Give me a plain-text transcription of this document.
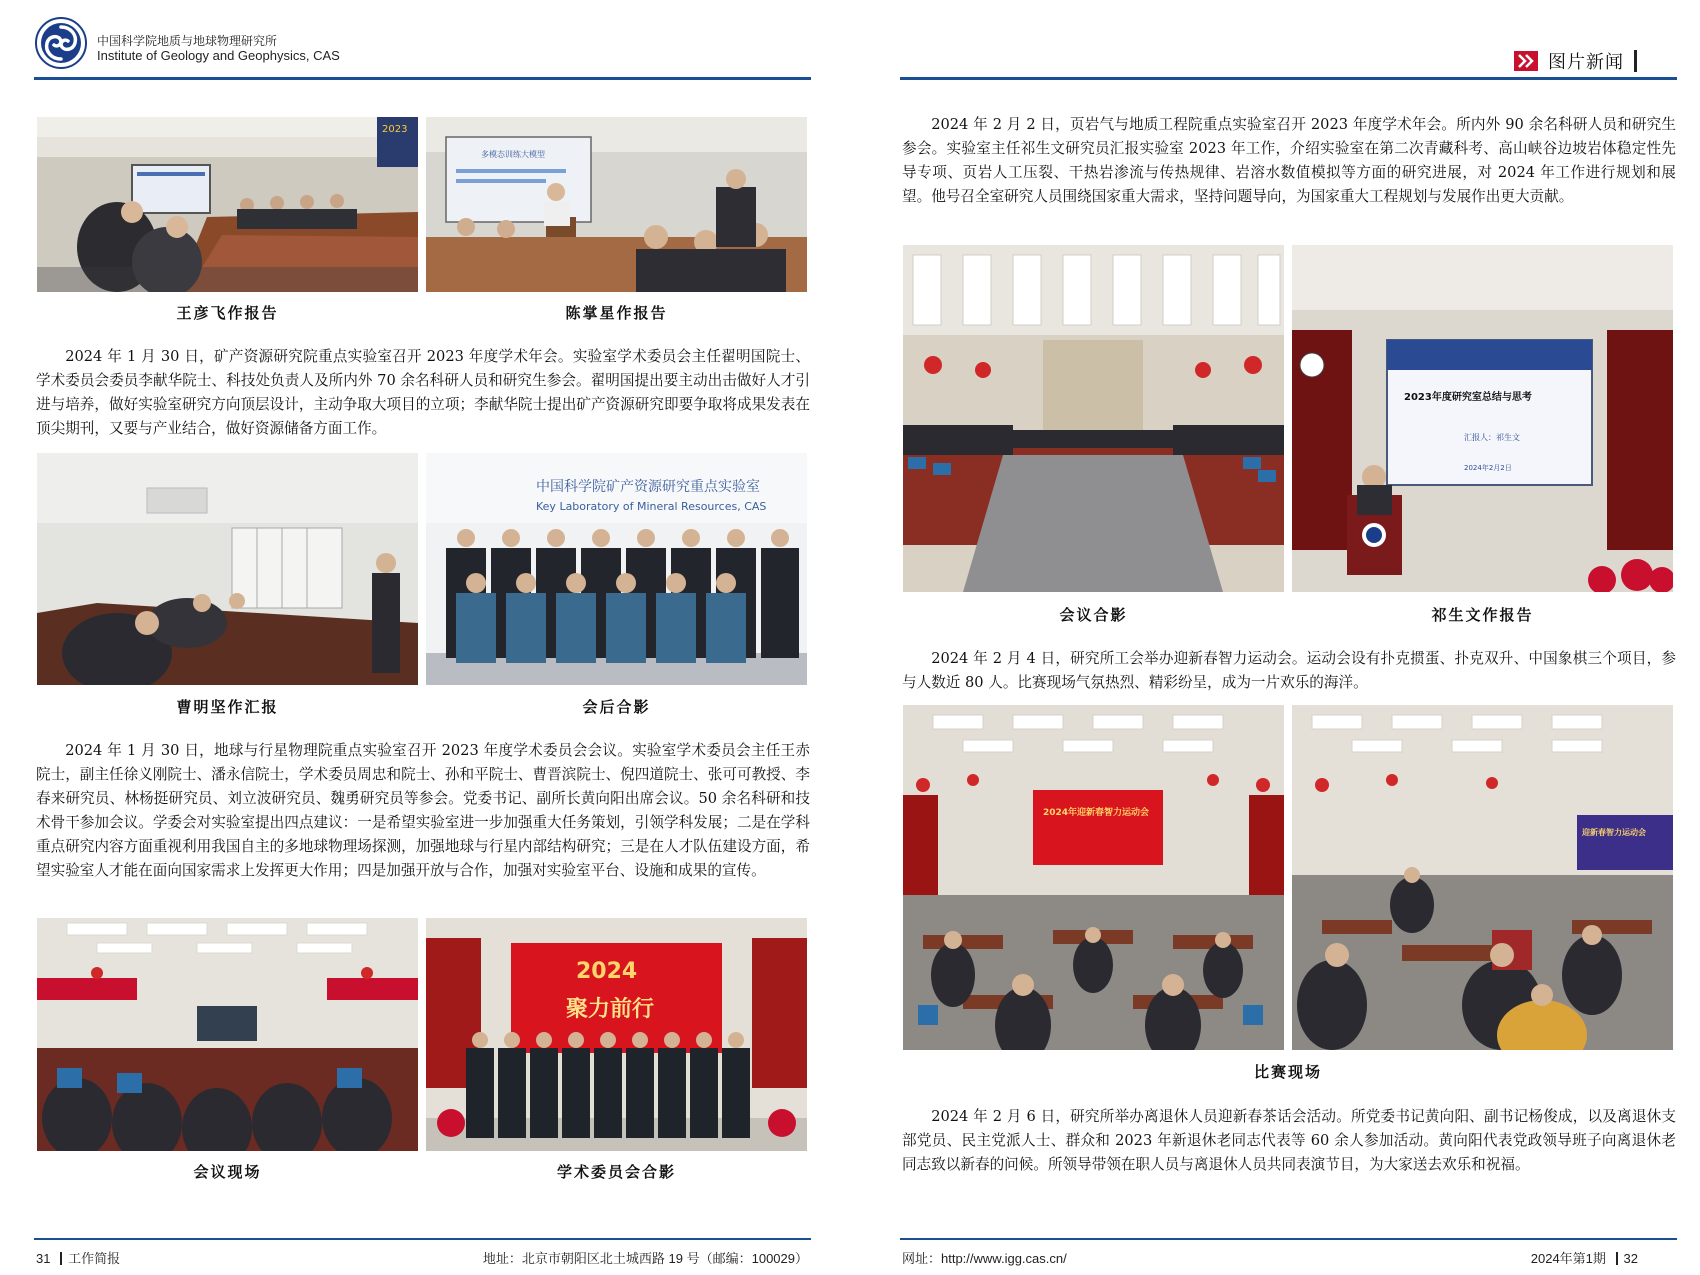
中国科学院地质与地球物理研究所
Institute of Geology and Geophysics, CAS
2023
王彦飞作报告
多模态训练大模型
陈掌星作报告

2024 年 1 月 30 日，矿产资源研究院重点实验室召开 2023 年度学术年会。实验室学术委员会主任翟明国院士、学术委员会委员李献华院士、科技处负责人及所内外 70 余名科研人员和研究生参会。翟明国提出要主动出击做好人才引进与培养，做好实验室研究方向顶层设计，主动争取大项目的立项；李献华院士提出矿产资源研究即要争取将成果发表在顶尖期刊，又要与产业结合，做好资源储备方面工作。

曹明坚作汇报
中国科学院矿产资源研究重点实验室
Key Laboratory of Mineral Resources, CAS
会后合影

2024 年 1 月 30 日，地球与行星物理院重点实验室召开 2023 年度学术委员会会议。实验室学术委员会主任王赤院士，副主任徐义刚院士、潘永信院士，学术委员周忠和院士、孙和平院士、曹晋滨院士、倪四道院士、张可可教授、李春来研究员、林杨挺研究员、刘立波研究员、魏勇研究员等参会。党委书记、副所长黄向阳出席会议。50 余名科研和技术骨干参加会议。学委会对实验室提出四点建议：一是希望实验室进一步加强重大任务策划，引领学科发展；二是在学科重点研究内容方面重视利用我国自主的多地球物理场探测，加强地球与行星内部结构研究；三是在人才队伍建设方面，希望实验室人才能在面向国家需求上发挥更大作用；四是加强开放与合作，加强对实验室平台、设施和成果的宣传。

会议现场
2024
聚力前行
学术委员会合影
31 工作简报	地址：北京市朝阳区北土城西路 19 号（邮编：100029）
图片新闻

2024 年 2 月 2 日，页岩气与地质工程院重点实验室召开 2023 年度学术年会。所内外 90 余名科研人员和研究生参会。实验室主任祁生文研究员汇报实验室 2023 年工作，介绍实验室在第二次青藏科考、高山峡谷边坡岩体稳定性先导专项、页岩人工压裂、干热岩渗流与传热规律、岩溶水数值模拟等方面的研究进展，对 2024 年工作进行规划和展望。他号召全室研究人员围绕国家重大需求，坚持问题导向，为国家重大工程规划与发展作出更大贡献。

会议合影
2023年度研究室总结与思考
汇报人：祁生文
2024年2月2日
祁生文作报告

2024 年 2 月 4 日，研究所工会举办迎新春智力运动会。运动会设有扑克掼蛋、扑克双升、中国象棋三个项目，参与人数近 80 人。比赛现场气氛热烈、精彩纷呈，成为一片欢乐的海洋。

2024年迎新春智力运动会
迎新春智力运动会
比赛现场

2024 年 2 月 6 日，研究所举办离退休人员迎新春茶话会活动。所党委书记黄向阳、副书记杨俊成，以及离退休支部党员、民主党派人士、群众和 2023 年新退休老同志代表等 60 余人参加活动。黄向阳代表党政领导班子向离退休老同志致以新春的问候。所领导带领在职人员与离退休人员共同表演节目，为大家送去欢乐和祝福。

网址：http://www.igg.cas.cn/	2024年第1期 32
